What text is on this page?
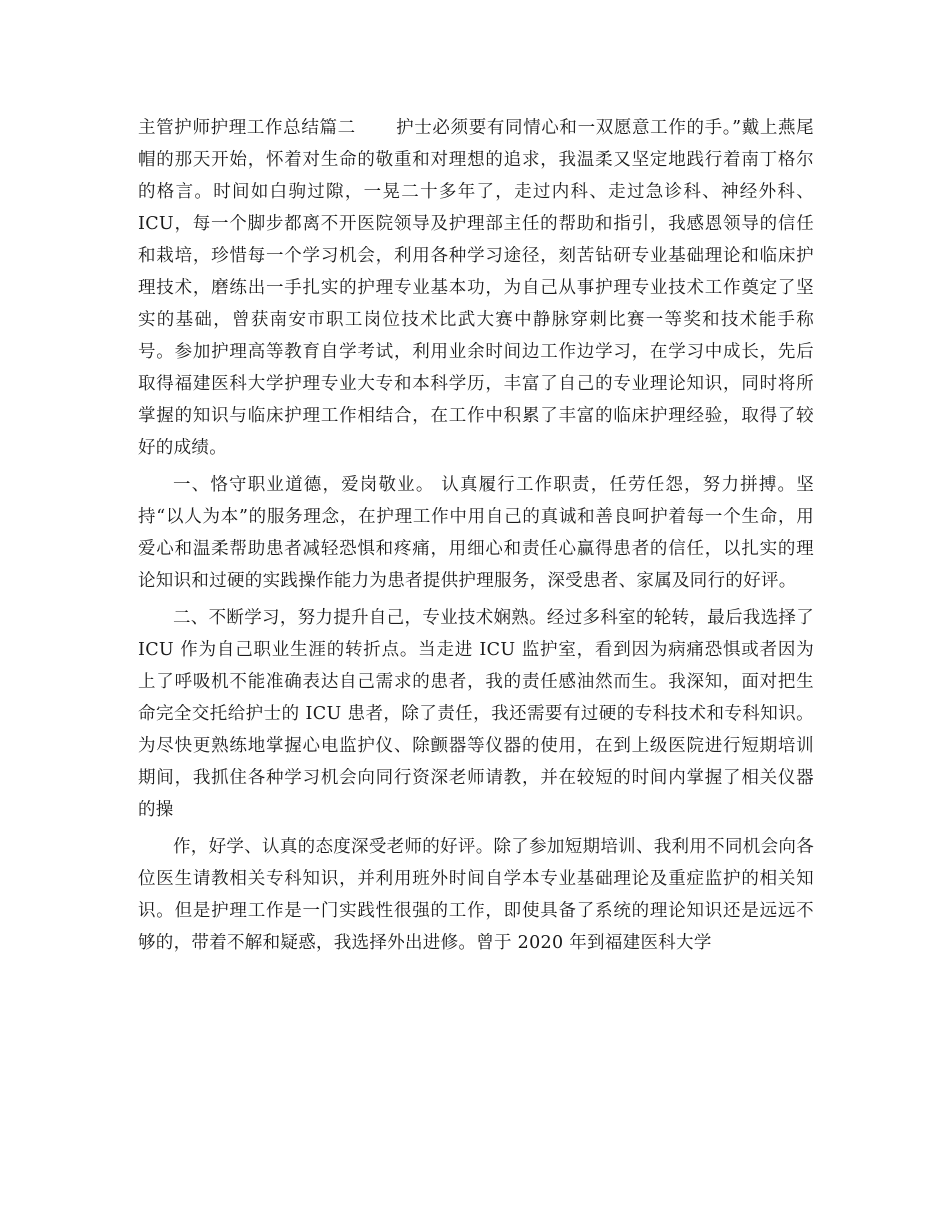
主管护师护理工作总结篇二 护士必须要有同情心和一双愿意工作的手。”戴上燕尾帽的那天开始，怀着对生命的敬重和对理想的追求，我温柔又坚定地践行着南丁格尔的格言。时间如白驹过隙，一晃二十多年了，走过内科、走过急诊科、神经外科、ICU，每一个脚步都离不开医院领导及护理部主任的帮助和指引，我感恩领导的信任和栽培，珍惜每一个学习机会，利用各种学习途径，刻苦钻研专业基础理论和临床护理技术，磨练出一手扎实的护理专业基本功，为自己从事护理专业技术工作奠定了坚实的基础，曾获南安市职工岗位技术比武大赛中静脉穿刺比赛一等奖和技术能手称号。参加护理高等教育自学考试，利用业余时间边工作边学习，在学习中成长，先后取得福建医科大学护理专业大专和本科学历，丰富了自己的专业理论知识，同时将所掌握的知识与临床护理工作相结合，在工作中积累了丰富的临床护理经验，取得了较好的成绩。

一、恪守职业道德，爱岗敬业。 认真履行工作职责，任劳任怨，努力拼搏。坚持“以人为本”的服务理念，在护理工作中用自己的真诚和善良呵护着每一个生命，用爱心和温柔帮助患者减轻恐惧和疼痛，用细心和责任心赢得患者的信任，以扎实的理论知识和过硬的实践操作能力为患者提供护理服务，深受患者、家属及同行的好评。

二、不断学习，努力提升自己，专业技术娴熟。经过多科室的轮转，最后我选择了 ICU 作为自己职业生涯的转折点。当走进 ICU 监护室，看到因为病痛恐惧或者因为上了呼吸机不能准确表达自己需求的患者，我的责任感油然而生。我深知，面对把生命完全交托给护士的 ICU 患者，除了责任，我还需要有过硬的专科技术和专科知识。为尽快更熟练地掌握心电监护仪、除颤器等仪器的使用，在到上级医院进行短期培训期间，我抓住各种学习机会向同行资深老师请教，并在较短的时间内掌握了相关仪器的操

作，好学、认真的态度深受老师的好评。除了参加短期培训、我利用不同机会向各位医生请教相关专科知识，并利用班外时间自学本专业基础理论及重症监护的相关知识。但是护理工作是一门实践性很强的工作，即使具备了系统的理论知识还是远远不够的，带着不解和疑惑，我选择外出进修。曾于 2020 年到福建医科大学
